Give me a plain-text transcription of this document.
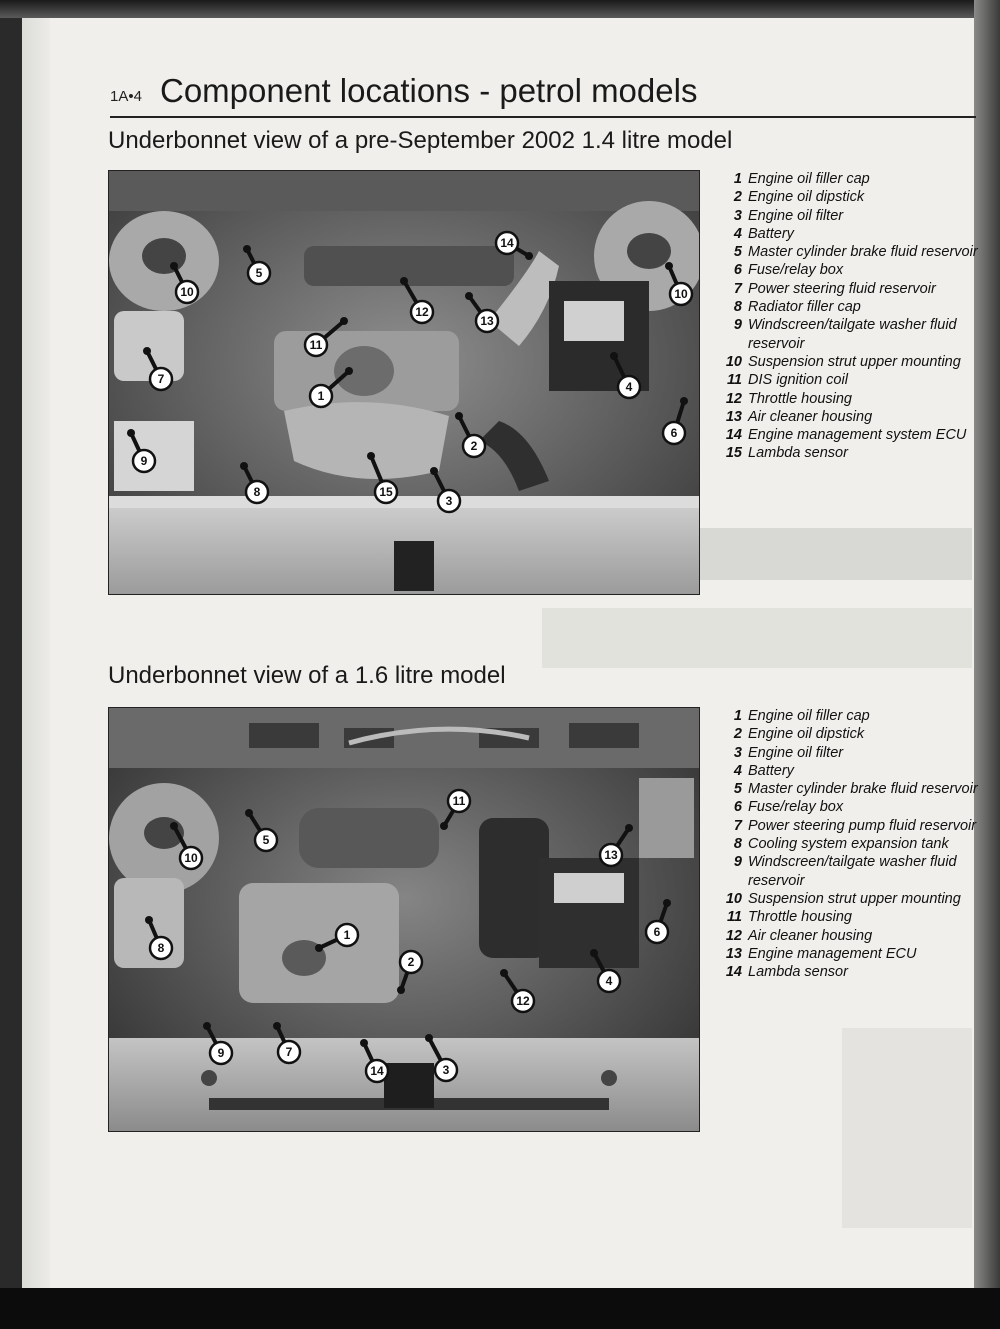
1A•4 Component locations - petrol models
Underbonnet view of a pre-September 2002 1.4 litre model
10
5
14
10
12
13
11
7
1
4
2
6
9
8	15
3
1 Engine oil filler cap
2 Engine oil dipstick
3 Engine oil filter
4 Battery
5 Master cylinder brake fluid reservoir
6 Fuse/relay box
7 Power steering fluid reservoir
8 Radiator filler cap
9 Windscreen/tailgate washer fluid reservoir
10 Suspension strut upper mounting
11 DIS ignition coil
12 Throttle housing
13 Air cleaner housing
14 Engine management system ECU
15 Lambda sensor
Underbonnet view of a 1.6 litre model
11
5
13
10
8
1	6
2
4
12
9	7
14	3
1 Engine oil filler cap
2 Engine oil dipstick
3 Engine oil filter
4 Battery
5 Master cylinder brake fluid reservoir
6 Fuse/relay box
7 Power steering pump fluid reservoir
8 Cooling system expansion tank
9 Windscreen/tailgate washer fluid reservoir
10 Suspension strut upper mounting
11 Throttle housing
12 Air cleaner housing
13 Engine management ECU
14 Lambda sensor
